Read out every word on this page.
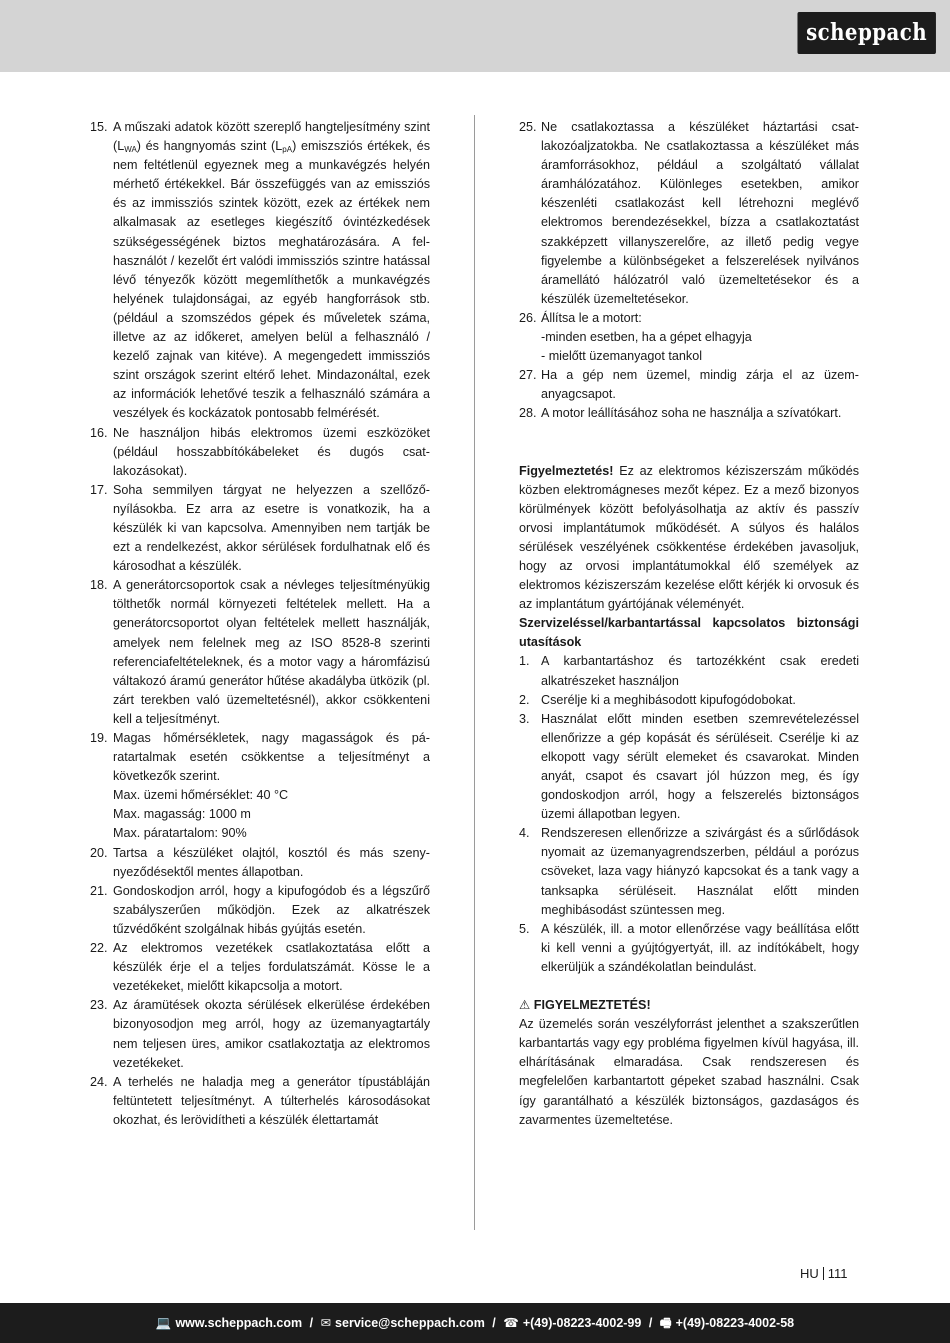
scheppach
15. A műszaki adatok között szereplő hangteljesítmény szint $(L_{WA})$ és hangnyomás szint $(L_{pA})$ emiszsziós értékek, és nem feltétlenül egyeznek meg a munkavégzés helyén mérhető értékekkel. Bár összefüggés van az emissziós és az immissziós szintek között, ezek az értékek nem alkalmasak az esetleges kiegészítő óvintézkedések szükségességének biztos meghatározására. A felhasználót / kezelőt ért valódi immissziós szintre hatással lévő tényezők között megemlíthetők a munkavégzés helyének tulajdonságai, az egyéb hangforrások stb. (például a szomszédos gépek és műveletek száma, illetve az az időkeret, amelyen belül a felhasználó / kezelő zajnak van kitéve). A megengedett immissziós szint országok szerint eltérő lehet. Mindazonáltal, ezek az információk lehetővé teszik a felhasználó számára a veszélyek és kockázatok pontosabb felmérését.
16. Ne használjon hibás elektromos üzemi eszközöket (például hosszabbítókábeleket és dugós csatlakozásokat).
17. Soha semmilyen tárgyat ne helyezzen a szellőzőnyílásokba. Ez arra az esetre is vonatkozik, ha a készülék ki van kapcsolva. Amennyiben nem tartják be ezt a rendelkezést, akkor sérülések fordulhatnak elő és károsodhat a készülék.
18. A generátorcsoportok csak a névleges teljesítményükig tölthetők normál környezeti feltételek mellett. Ha a generátorcsoportot olyan feltételek mellett használják, amelyek nem felelnek meg az ISO 8528-8 szerinti referenciafeltételeknek, és a motor vagy a háromfázisú váltakozó áramú generátor hűtése akadályba ütközik (pl. zárt terekben való üzemeltetésnél), akkor csökkenteni kell a teljesítményt.
19. Magas hőmérsékletek, nagy magasságok és páratartalmak esetén csökkentse a teljesítményt a következők szerint.
Max. üzemi hőmérséklet: 40 °C
Max. magasság: 1000 m
Max. páratartalom: 90%
20. Tartsa a készüléket olajtól, kosztól és más szenynyeződésektől mentes állapotban.
21. Gondoskodjon arról, hogy a kipufogódob és a légszűrő szabályszerűen működjön. Ezek az alkatrészek tűzvédőként szolgálnak hibás gyújtás esetén.
22. Az elektromos vezetékek csatlakoztatása előtt a készülék érje el a teljes fordulatszámát. Kösse le a vezetékeket, mielőtt kikapcsolja a motort.
23. Az áramütések okozta sérülések elkerülése érdekében bizonyosodjon meg arról, hogy az üzemanyagtartály nem teljesen üres, amikor csatlakoztatja az elektromos vezetékeket.
24. A terhelés ne haladja meg a generátor típustábláján feltüntetett teljesítményt. A túlterhelés károsodásokat okozhat, és lerövidítheti a készülék élettartamát
25. Ne csatlakoztassa a készüléket háztartási csatlakozóaljzatokba. Ne csatlakoztassa a készüléket más áramforrásokhoz, például a szolgáltató vállalat áramhálózatához. Különleges esetekben, amikor készenléti csatlakozást kell létrehozni meglévő elektromos berendezésekkel, bízza a csatlakoztatást szakképzett villanyszerelőre, az illető pedig vegye figyelembe a különbségeket a felszerelések nyilvános áramellátó hálózatról való üzemeltetésekor és a készülék üzemeltetésekor.
26. Állítsa le a motort:
-minden esetben, ha a gépet elhagyja
- mielőtt üzemanyagot tankol
27. Ha a gép nem üzemel, mindig zárja el az üzemanyagcsapot.
28. A motor leállításához soha ne használja a szívatókart.

Figyelmeztetés! Ez az elektromos kéziszerszám működés közben elektromágneses mezőt képez. Ez a mező bizonyos körülmények között befolyásolhatja az aktív és passzív orvosi implantátumok működését. A súlyos és halálos sérülések veszélyének csökkentése érdekében javasoljuk, hogy az orvosi implantátumokkal élő személyek az elektromos kéziszerszám kezelése előtt kérjék ki orvosuk és az implantátum gyártójának véleményét.

Szervizeléssel/karbantartással kapcsolatos biztonsági utasítások

1. A karbantartáshoz és tartozékként csak eredeti alkatrészeket használjon
2. Cserélje ki a meghibásodott kipufogódobokat.
3. Használat előtt minden esetben szemrevételezéssel ellenőrizze a gép kopását és sérüléseit. Cserélje ki az elkopott vagy sérült elemeket és csavarokat. Minden anyát, csapot és csavart jól húzzon meg, és így gondoskodjon arról, hogy a felszerelés biztonságos üzemi állapotban legyen.
4. Rendszeresen ellenőrizze a szivárgást és a sűrlődások nyomait az üzemanyagrendszerben, például a porózus csöveket, laza vagy hiányzó kapcsokat és a tank vagy a tanksapka sérüléseit. Használat előtt minden meghibásodást szüntessen meg.
5. A készülék, ill. a motor ellenőrzése vagy beállítása előtt ki kell venni a gyújtógyertyát, ill. az indítókábelt, hogy elkerüljük a szándékolatlan beindulást.

⚠ FIGYELMEZTETÉS!

Az üzemelés során veszélyforrást jelenthet a szakszerűtlen karbantartás vagy egy probléma figyelmen kívül hagyása, ill. elhárításának elmaradása. Csak rendszeresen és megfelelően karbantartott gépeket szabad használni. Csak így garantálható a készülék biztonságos, gazdaságos és zavarmentes üzemeltetése.

HU 111
💻 www.scheppach.com / ✉ service@scheppach.com / ☎ +(49)-08223-4002-99 / 🖷 +(49)-08223-4002-58
